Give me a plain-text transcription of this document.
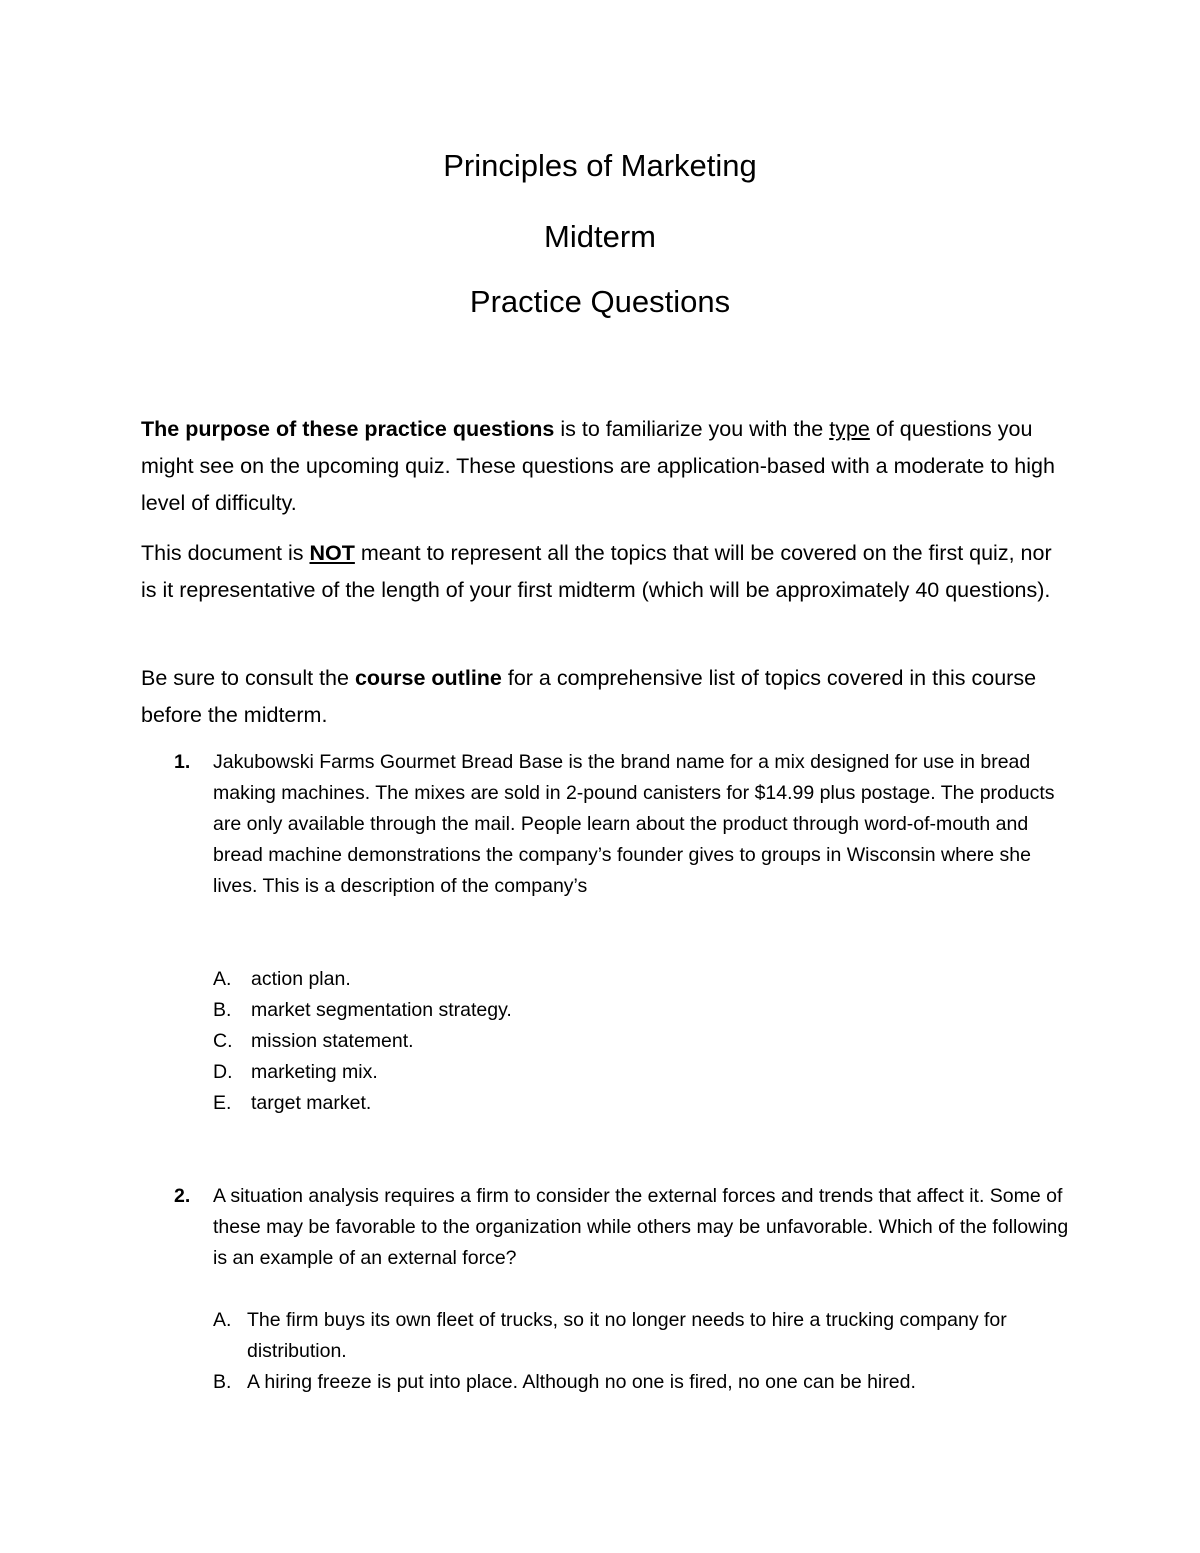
Principles of Marketing
Midterm
Practice Questions

The purpose of these practice questions is to familiarize you with the type of questions you might see on the upcoming quiz. These questions are application-based with a moderate to high level of difficulty.

This document is NOT meant to represent all the topics that will be covered on the first quiz, nor is it representative of the length of your first midterm (which will be approximately 40 questions).

Be sure to consult the course outline for a comprehensive list of topics covered in this course before the midterm.

1. Jakubowski Farms Gourmet Bread Base is the brand name for a mix designed for use in bread making machines. The mixes are sold in 2-pound canisters for $14.99 plus postage. The products are only available through the mail. People learn about the product through word-of-mouth and bread machine demonstrations the company’s founder gives to groups in Wisconsin where she lives. This is a description of the company’s
A.	action plan.
B.	market segmentation strategy.
C. mission statement.
D. marketing mix.
E.	target market.
2. A situation analysis requires a firm to consider the external forces and trends that affect it. Some of these may be favorable to the organization while others may be unfavorable. Which of the following is an example of an external force?
A. The firm buys its own fleet of trucks, so it no longer needs to hire a trucking company for distribution.
B. A hiring freeze is put into place. Although no one is fired, no one can be hired.
